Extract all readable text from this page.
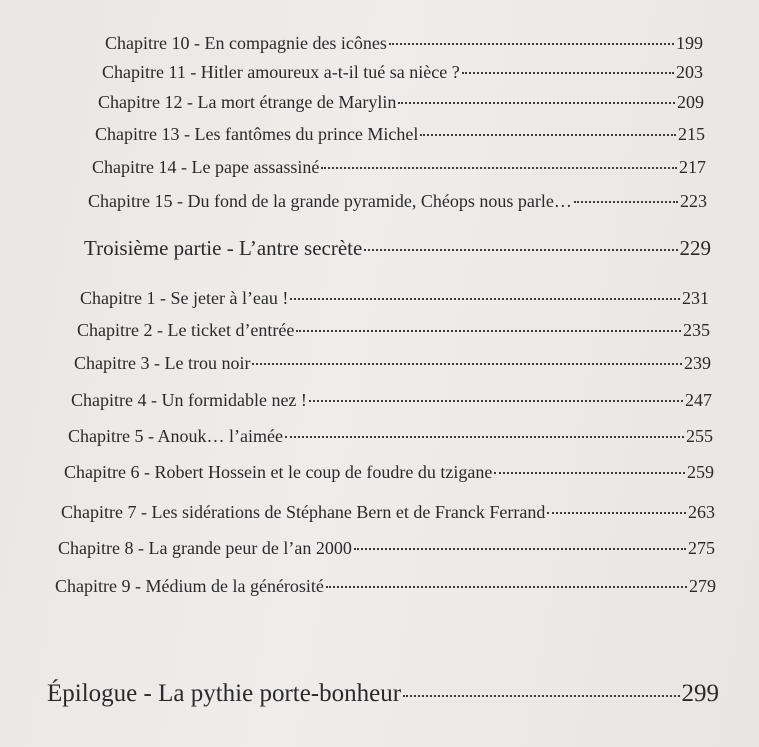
Chapitre 10 - En compagnie des icônes	199
Chapitre 11 - Hitler amoureux a-t-il tué sa nièce ?	203
Chapitre 12 - La mort étrange de Marylin	209
Chapitre 13 - Les fantômes du prince Michel	215
Chapitre 14 - Le pape assassiné	217
Chapitre 15 - Du fond de la grande pyramide, Chéops nous parle…	223
Troisième partie - L’antre secrète	229
Chapitre 1 - Se jeter à l’eau !	231
Chapitre 2 - Le ticket d’entrée	235
Chapitre 3 - Le trou noir	239
Chapitre 4 - Un formidable nez !	247
Chapitre 5 - Anouk… l’aimée	255
Chapitre 6 - Robert Hossein et le coup de foudre du tzigane	259
Chapitre 7 - Les sidérations de Stéphane Bern et de Franck Ferrand	263
Chapitre 8 - La grande peur de l’an 2000	275
Chapitre 9 - Médium de la générosité	279
Épilogue - La pythie porte-bonheur	299
